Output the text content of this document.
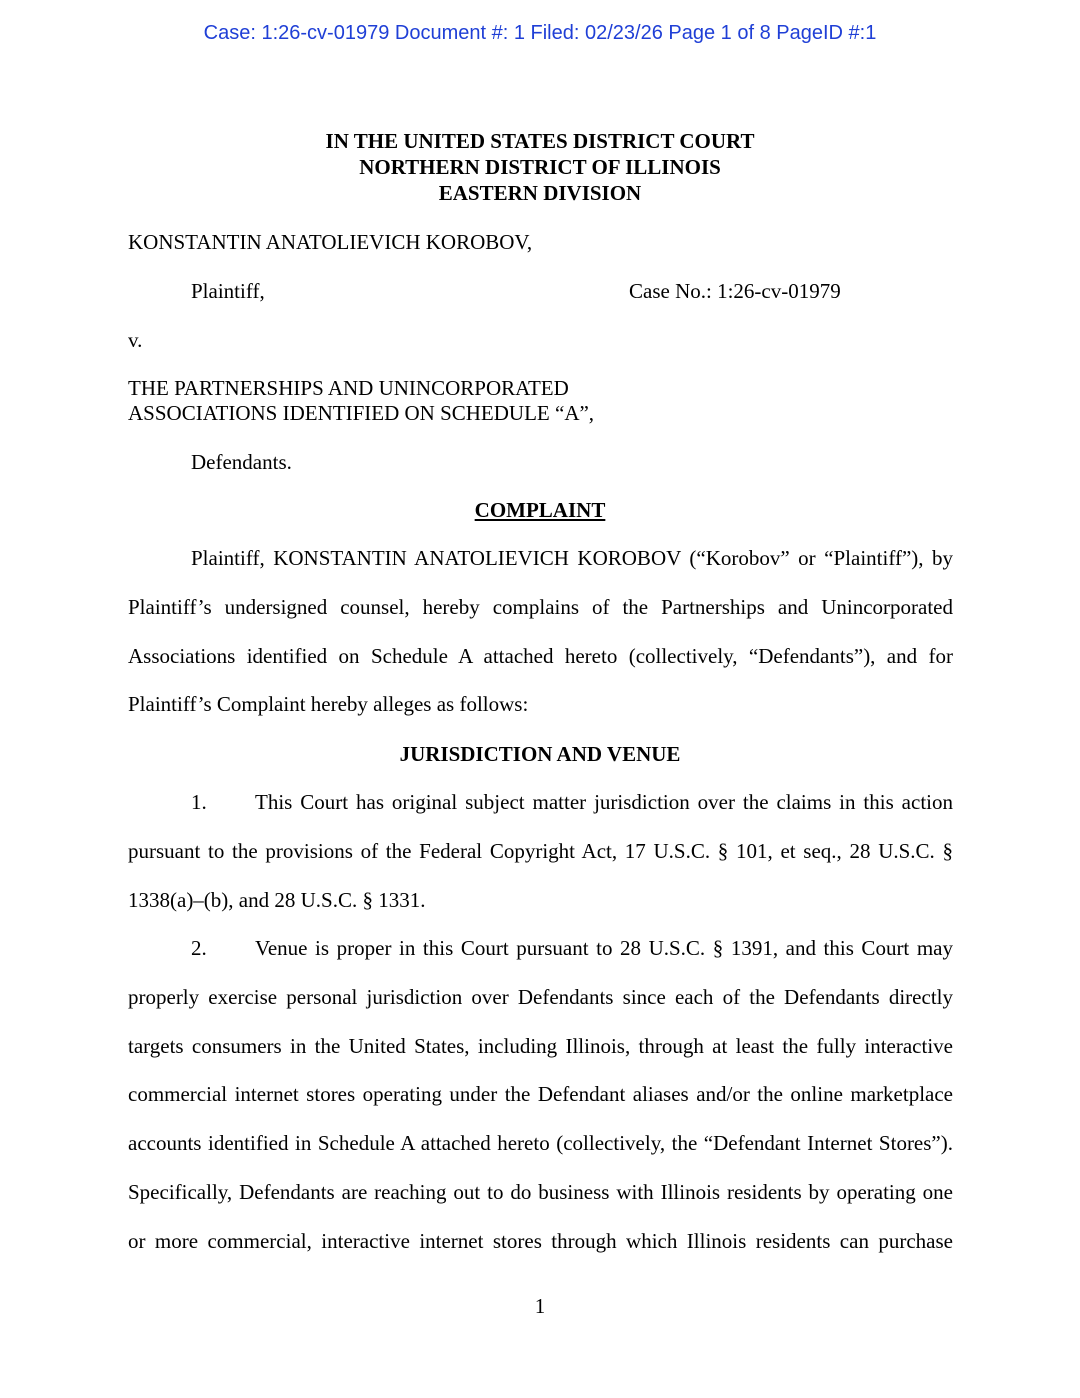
Case: 1:26-cv-01979 Document #: 1 Filed: 02/23/26 Page 1 of 8 PageID #:1
IN THE UNITED STATES DISTRICT COURT
NORTHERN DISTRICT OF ILLINOIS
EASTERN DIVISION
KONSTANTIN ANATOLIEVICH KOROBOV,
Plaintiff,	Case No.: 1:26-cv-01979
v.
THE PARTNERSHIPS AND UNINCORPORATED
ASSOCIATIONS IDENTIFIED ON SCHEDULE “A”,
Defendants.
COMPLAINT
Plaintiff, KONSTANTIN ANATOLIEVICH KOROBOV (“Korobov” or “Plaintiff”), by
Plaintiff’s undersigned counsel, hereby complains of the Partnerships and Unincorporated
Associations identified on Schedule A attached hereto (collectively, “Defendants”), and for
Plaintiff’s Complaint hereby alleges as follows:
JURISDICTION AND VENUE
1.	This Court has original subject matter jurisdiction over the claims in this action
pursuant to the provisions of the Federal Copyright Act, 17 U.S.C. § 101, et seq., 28 U.S.C. §
1338(a)–(b), and 28 U.S.C. § 1331.
2.	Venue is proper in this Court pursuant to 28 U.S.C. § 1391, and this Court may
properly exercise personal jurisdiction over Defendants since each of the Defendants directly
targets consumers in the United States, including Illinois, through at least the fully interactive
commercial internet stores operating under the Defendant aliases and/or the online marketplace
accounts identified in Schedule A attached hereto (collectively, the “Defendant Internet Stores”).
Specifically, Defendants are reaching out to do business with Illinois residents by operating one
or more commercial, interactive internet stores through which Illinois residents can purchase
1
